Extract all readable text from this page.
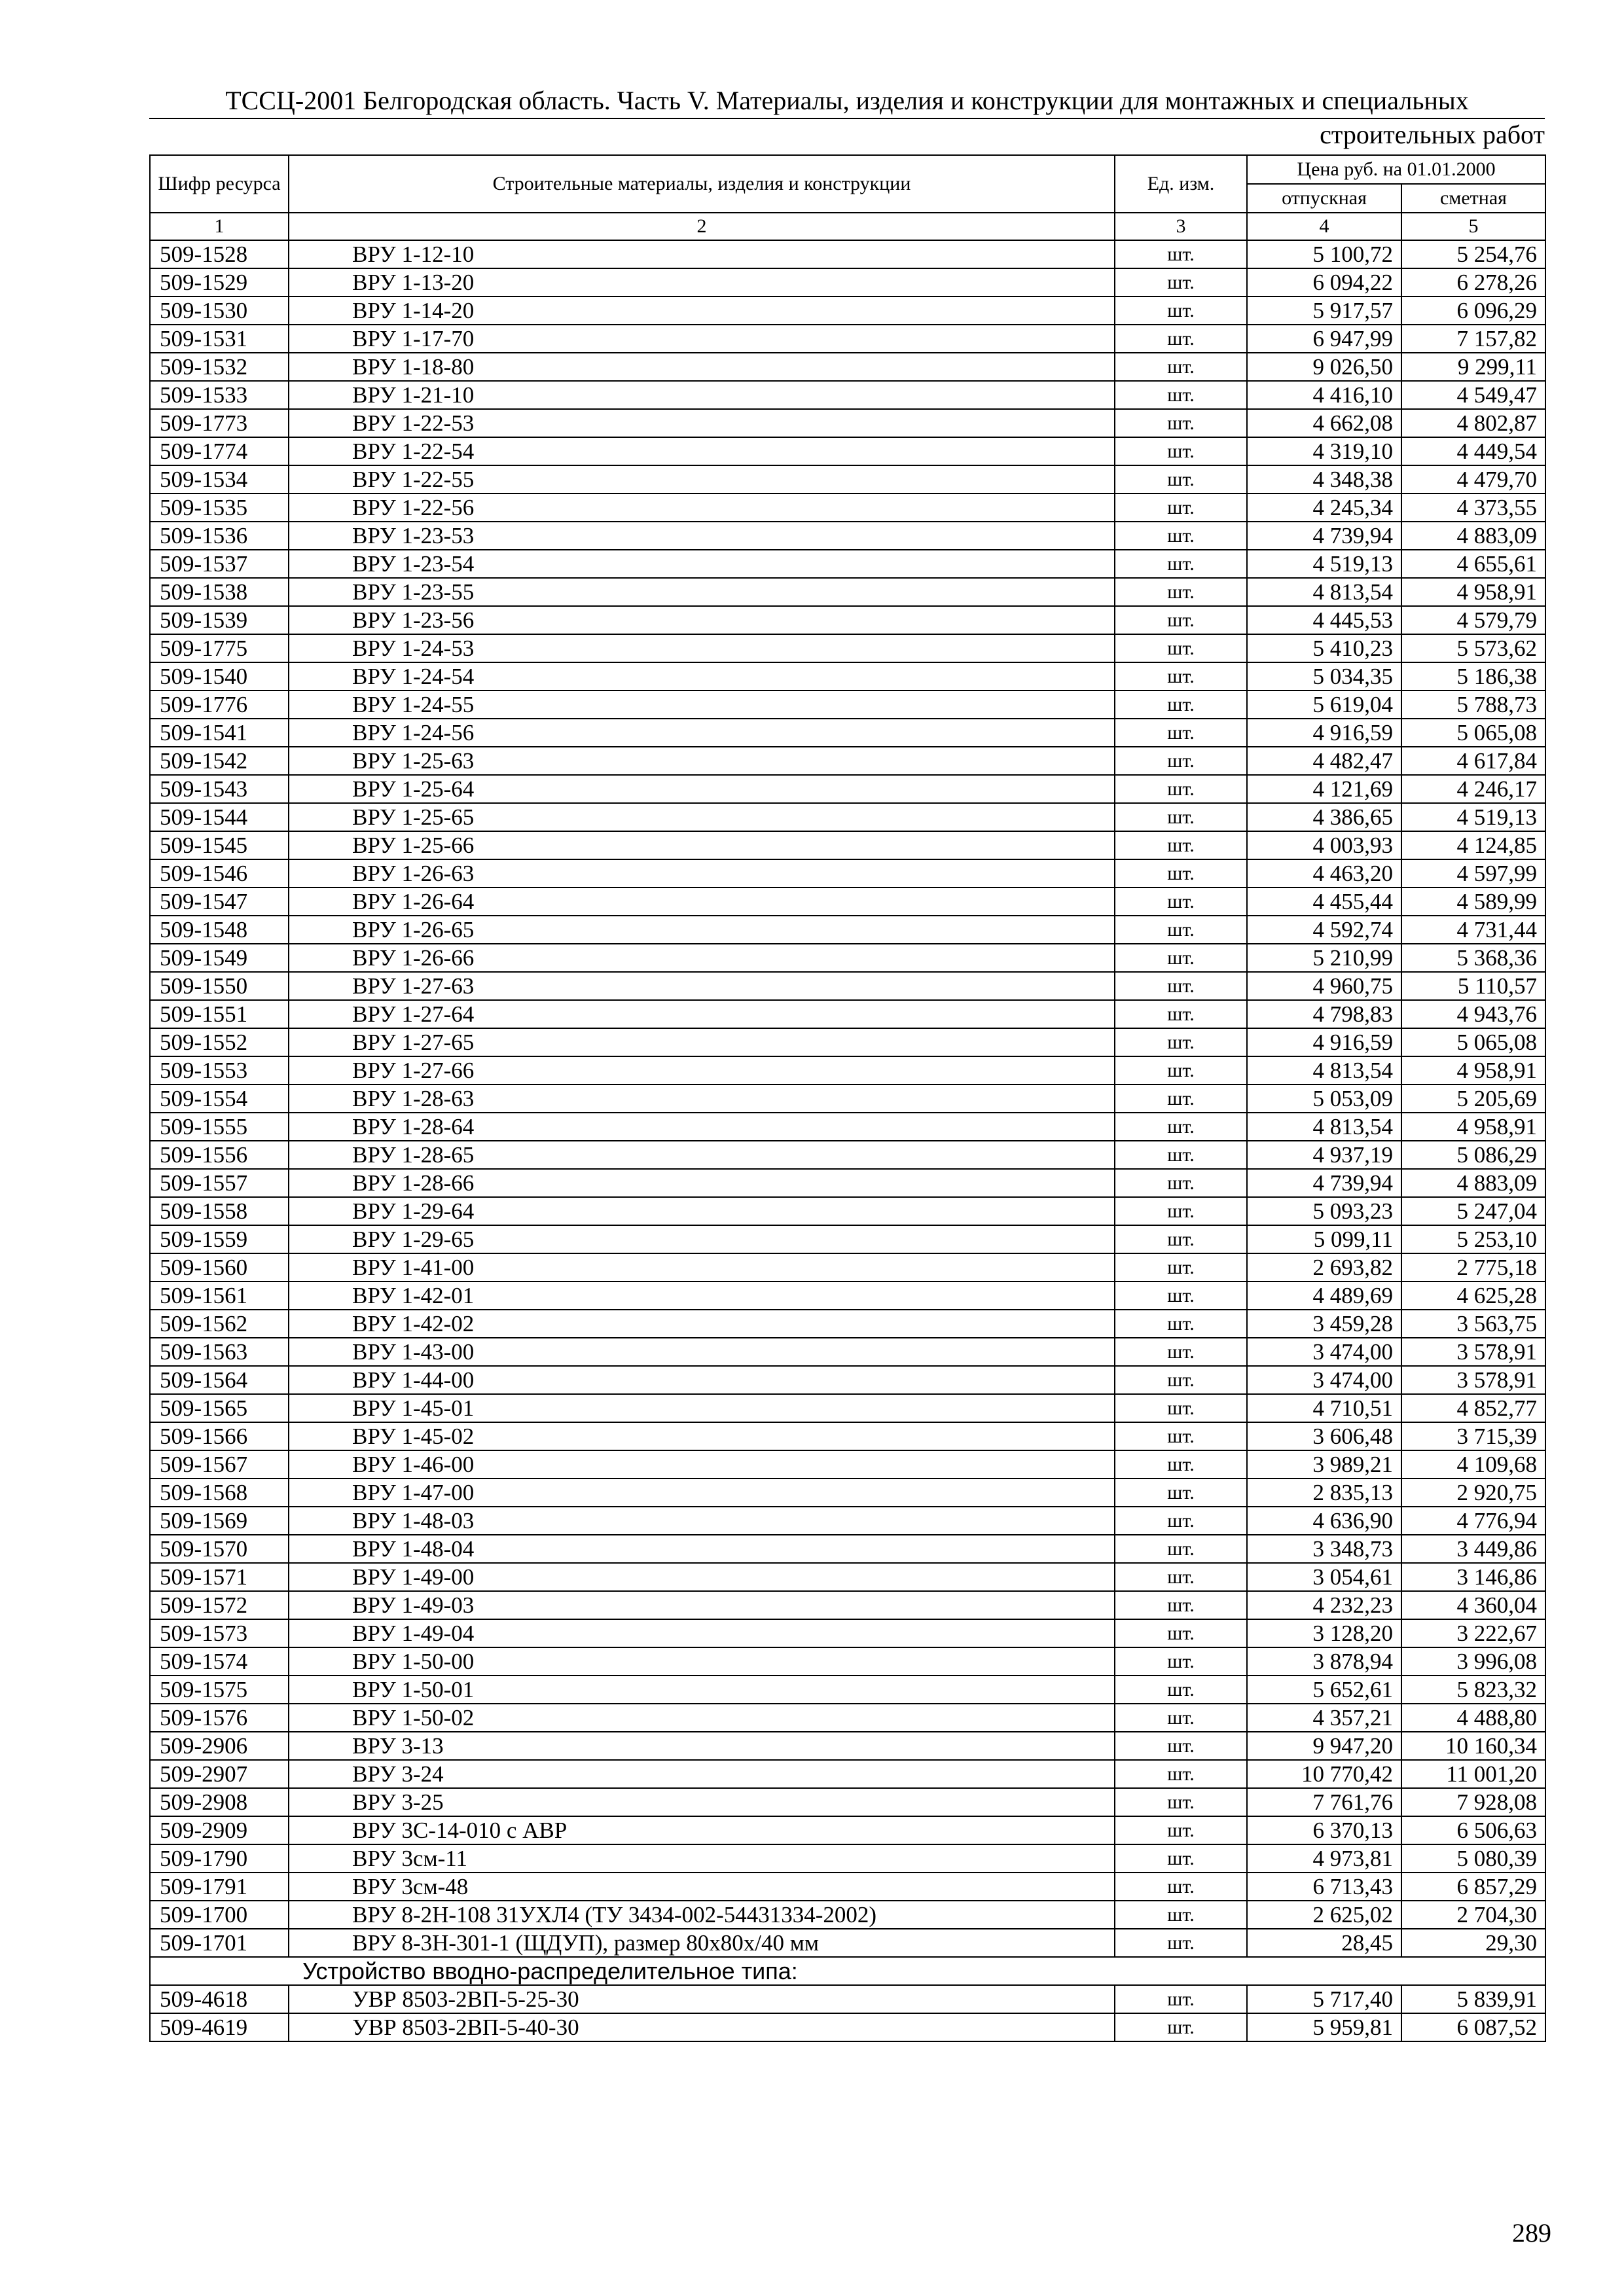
ТССЦ-2001 Белгородская область. Часть V. Материалы, изделия и конструкции для монтажных и специальных
строительных работ
Шифр ресурса	Строительные материалы, изделия и конструкции	Ед. изм.	Цена руб. на 01.01.2000	
			отпускная	сметная
1	2	3	4	5
509-1528	ВРУ 1-12-10	шт.	5 100,72	5 254,76
509-1529	ВРУ 1-13-20	шт.	6 094,22	6 278,26
509-1530	ВРУ 1-14-20	шт.	5 917,57	6 096,29
509-1531	ВРУ 1-17-70	шт.	6 947,99	7 157,82
509-1532	ВРУ 1-18-80	шт.	9 026,50	9 299,11
509-1533	ВРУ 1-21-10	шт.	4 416,10	4 549,47
509-1773	ВРУ 1-22-53	шт.	4 662,08	4 802,87
509-1774	ВРУ 1-22-54	шт.	4 319,10	4 449,54
509-1534	ВРУ 1-22-55	шт.	4 348,38	4 479,70
509-1535	ВРУ 1-22-56	шт.	4 245,34	4 373,55
509-1536	ВРУ 1-23-53	шт.	4 739,94	4 883,09
509-1537	ВРУ 1-23-54	шт.	4 519,13	4 655,61
509-1538	ВРУ 1-23-55	шт.	4 813,54	4 958,91
509-1539	ВРУ 1-23-56	шт.	4 445,53	4 579,79
509-1775	ВРУ 1-24-53	шт.	5 410,23	5 573,62
509-1540	ВРУ 1-24-54	шт.	5 034,35	5 186,38
509-1776	ВРУ 1-24-55	шт.	5 619,04	5 788,73
509-1541	ВРУ 1-24-56	шт.	4 916,59	5 065,08
509-1542	ВРУ 1-25-63	шт.	4 482,47	4 617,84
509-1543	ВРУ 1-25-64	шт.	4 121,69	4 246,17
509-1544	ВРУ 1-25-65	шт.	4 386,65	4 519,13
509-1545	ВРУ 1-25-66	шт.	4 003,93	4 124,85
509-1546	ВРУ 1-26-63	шт.	4 463,20	4 597,99
509-1547	ВРУ 1-26-64	шт.	4 455,44	4 589,99
509-1548	ВРУ 1-26-65	шт.	4 592,74	4 731,44
509-1549	ВРУ 1-26-66	шт.	5 210,99	5 368,36
509-1550	ВРУ 1-27-63	шт.	4 960,75	5 110,57
509-1551	ВРУ 1-27-64	шт.	4 798,83	4 943,76
509-1552	ВРУ 1-27-65	шт.	4 916,59	5 065,08
509-1553	ВРУ 1-27-66	шт.	4 813,54	4 958,91
509-1554	ВРУ 1-28-63	шт.	5 053,09	5 205,69
509-1555	ВРУ 1-28-64	шт.	4 813,54	4 958,91
509-1556	ВРУ 1-28-65	шт.	4 937,19	5 086,29
509-1557	ВРУ 1-28-66	шт.	4 739,94	4 883,09
509-1558	ВРУ 1-29-64	шт.	5 093,23	5 247,04
509-1559	ВРУ 1-29-65	шт.	5 099,11	5 253,10
509-1560	ВРУ 1-41-00	шт.	2 693,82	2 775,18
509-1561	ВРУ 1-42-01	шт.	4 489,69	4 625,28
509-1562	ВРУ 1-42-02	шт.	3 459,28	3 563,75
509-1563	ВРУ 1-43-00	шт.	3 474,00	3 578,91
509-1564	ВРУ 1-44-00	шт.	3 474,00	3 578,91
509-1565	ВРУ 1-45-01	шт.	4 710,51	4 852,77
509-1566	ВРУ 1-45-02	шт.	3 606,48	3 715,39
509-1567	ВРУ 1-46-00	шт.	3 989,21	4 109,68
509-1568	ВРУ 1-47-00	шт.	2 835,13	2 920,75
509-1569	ВРУ 1-48-03	шт.	4 636,90	4 776,94
509-1570	ВРУ 1-48-04	шт.	3 348,73	3 449,86
509-1571	ВРУ 1-49-00	шт.	3 054,61	3 146,86
509-1572	ВРУ 1-49-03	шт.	4 232,23	4 360,04
509-1573	ВРУ 1-49-04	шт.	3 128,20	3 222,67
509-1574	ВРУ 1-50-00	шт.	3 878,94	3 996,08
509-1575	ВРУ 1-50-01	шт.	5 652,61	5 823,32
509-1576	ВРУ 1-50-02	шт.	4 357,21	4 488,80
509-2906	ВРУ 3-13	шт.	9 947,20	10 160,34
509-2907	ВРУ 3-24	шт.	10 770,42	11 001,20
509-2908	ВРУ 3-25	шт.	7 761,76	7 928,08
509-2909	ВРУ 3С-14-010 с АВР	шт.	6 370,13	6 506,63
509-1790	ВРУ 3см-11	шт.	4 973,81	5 080,39
509-1791	ВРУ 3см-48	шт.	6 713,43	6 857,29
509-1700	ВРУ 8-2Н-108 31УХЛ4 (ТУ 3434-002-54431334-2002)	шт.	2 625,02	2 704,30
509-1701	ВРУ 8-3Н-301-1 (ЩДУП), размер 80х80х/40 мм	шт.	28,45	29,30
Устройство вводно-распределительное типа:				
509-4618	УВР 8503-2ВП-5-25-30	шт.	5 717,40	5 839,91
509-4619	УВР 8503-2ВП-5-40-30	шт.	5 959,81	6 087,52
289
